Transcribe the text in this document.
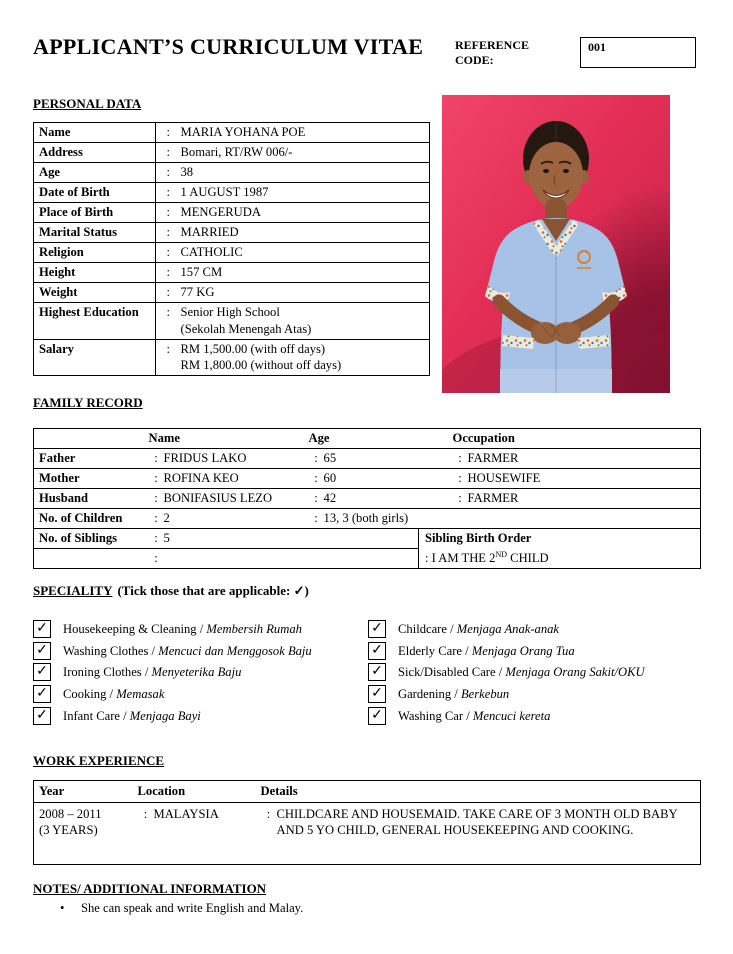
APPLICANT’S CURRICULUM VITAE	REFERENCE CODE:
001
PERSONAL DATA
Name	:	MARIA YOHANA POE
Address	:	Bomari, RT/RW 006/-
Age	:	38
Date of Birth	:	1 AUGUST 1987
Place of Birth	:	MENGERUDA
Marital Status	:	MARRIED
Religion	:	CATHOLIC
Height	:	157 CM
Weight	:	77 KG
Highest Education	:	Senior High School
(Sekolah Menengah Atas)

Salary	:	RM 1,500.00 (with off days)
RM 1,800.00 (without off days)
FAMILY RECORD
	Name		Age			Occupation	
Father	:	FRIDUS LAKO	:	65		:	FARMER
Mother	:	ROFINA KEO	:	60		:	HOUSEWIFE
Husband	:	BONIFASIUS LEZO	:	42		:	FARMER
No. of Children	:	2	:	13, 3 (both girls)			
No. of Siblings	:	5			Sibling Birth Order
: I AM THE 2ND CHILD		

	:						
SPECIALITY (Tick those that are applicable: ✓)
✓ Housekeeping & Cleaning / Membersih Rumah
✓ Washing Clothes / Mencuci dan Menggosok Baju
✓ Ironing Clothes / Menyeterika Baju
✓ Cooking / Memasak
✓ Infant Care / Menjaga Bayi
✓ Childcare / Menjaga Anak-anak
✓ Elderly Care / Menjaga Orang Tua
✓ Sick/Disabled Care / Menjaga Orang Sakit/OKU
✓ Gardening / Berkebun
✓ Washing Car / Mencuci kereta
WORK EXPERIENCE
Year	Location		Details	

2008 – 2011
(3 YEARS)	:	MALAYSIA	:	CHILDCARE AND HOUSEMAID. TAKE CARE OF 3 MONTH OLD BABY AND 5 YO CHILD, GENERAL HOUSEKEEPING AND COOKING.
NOTES/ ADDITIONAL INFORMATION
•	She can speak and write English and Malay.
